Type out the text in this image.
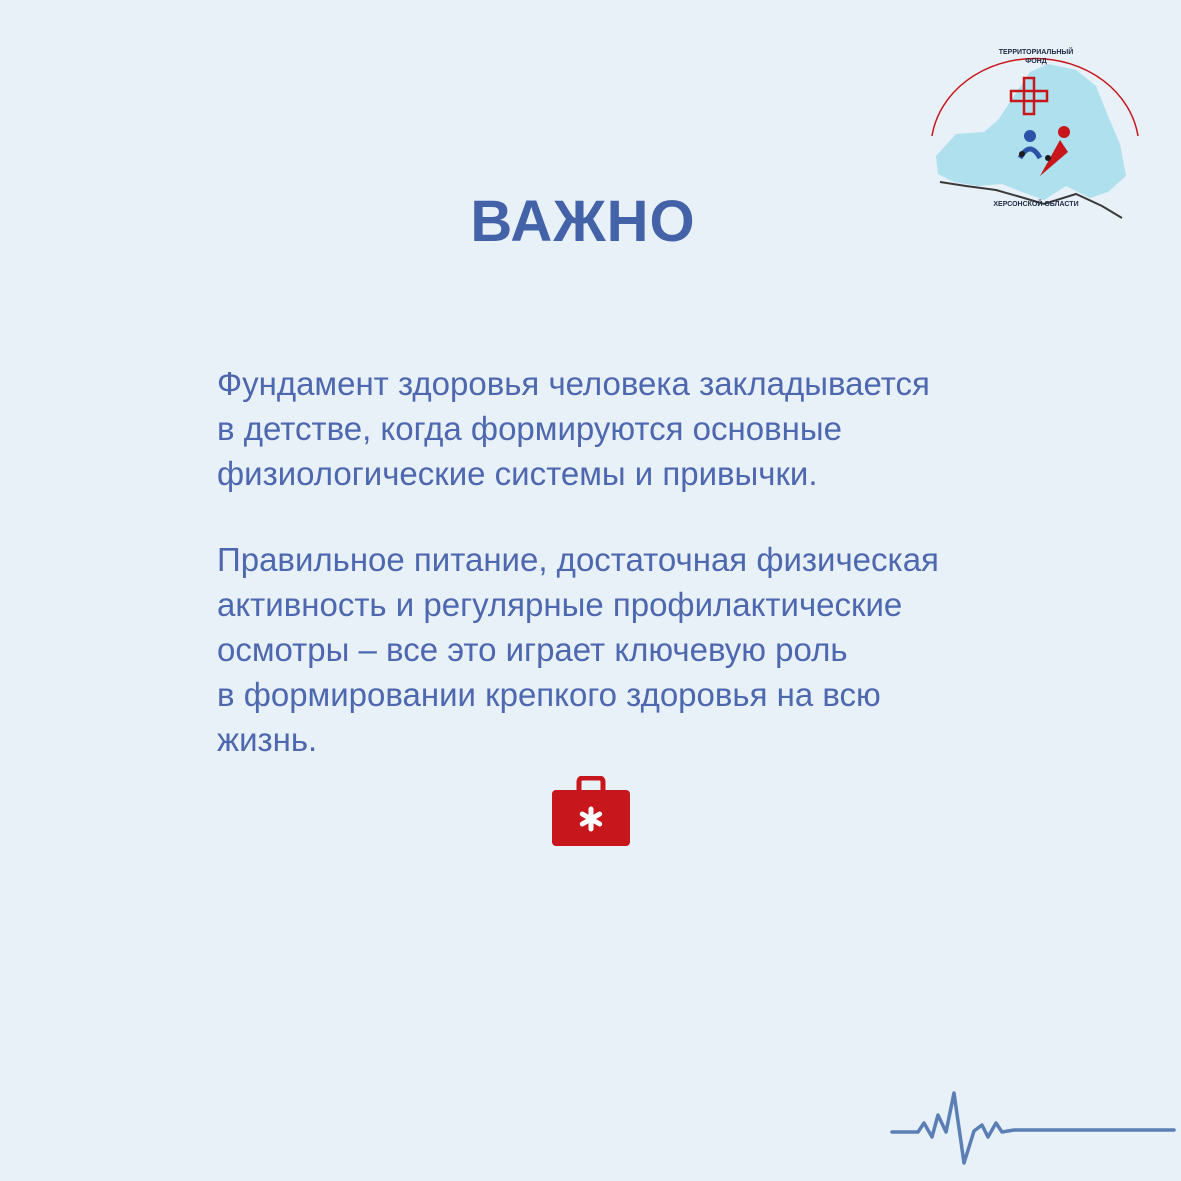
ТЕРРИТОРИАЛЬНЫЙ
ФОНД
ХЕРСОНСКОЙ ОБЛАСТИ
ВАЖНО

Фундамент здоровья человека закладывается
в детстве, когда формируются основные
физиологические системы и привычки.

Правильное питание, достаточная физическая
активность и регулярные профилактические
осмотры – все это играет ключевую роль
в формировании крепкого здоровья на всю
жизнь.
